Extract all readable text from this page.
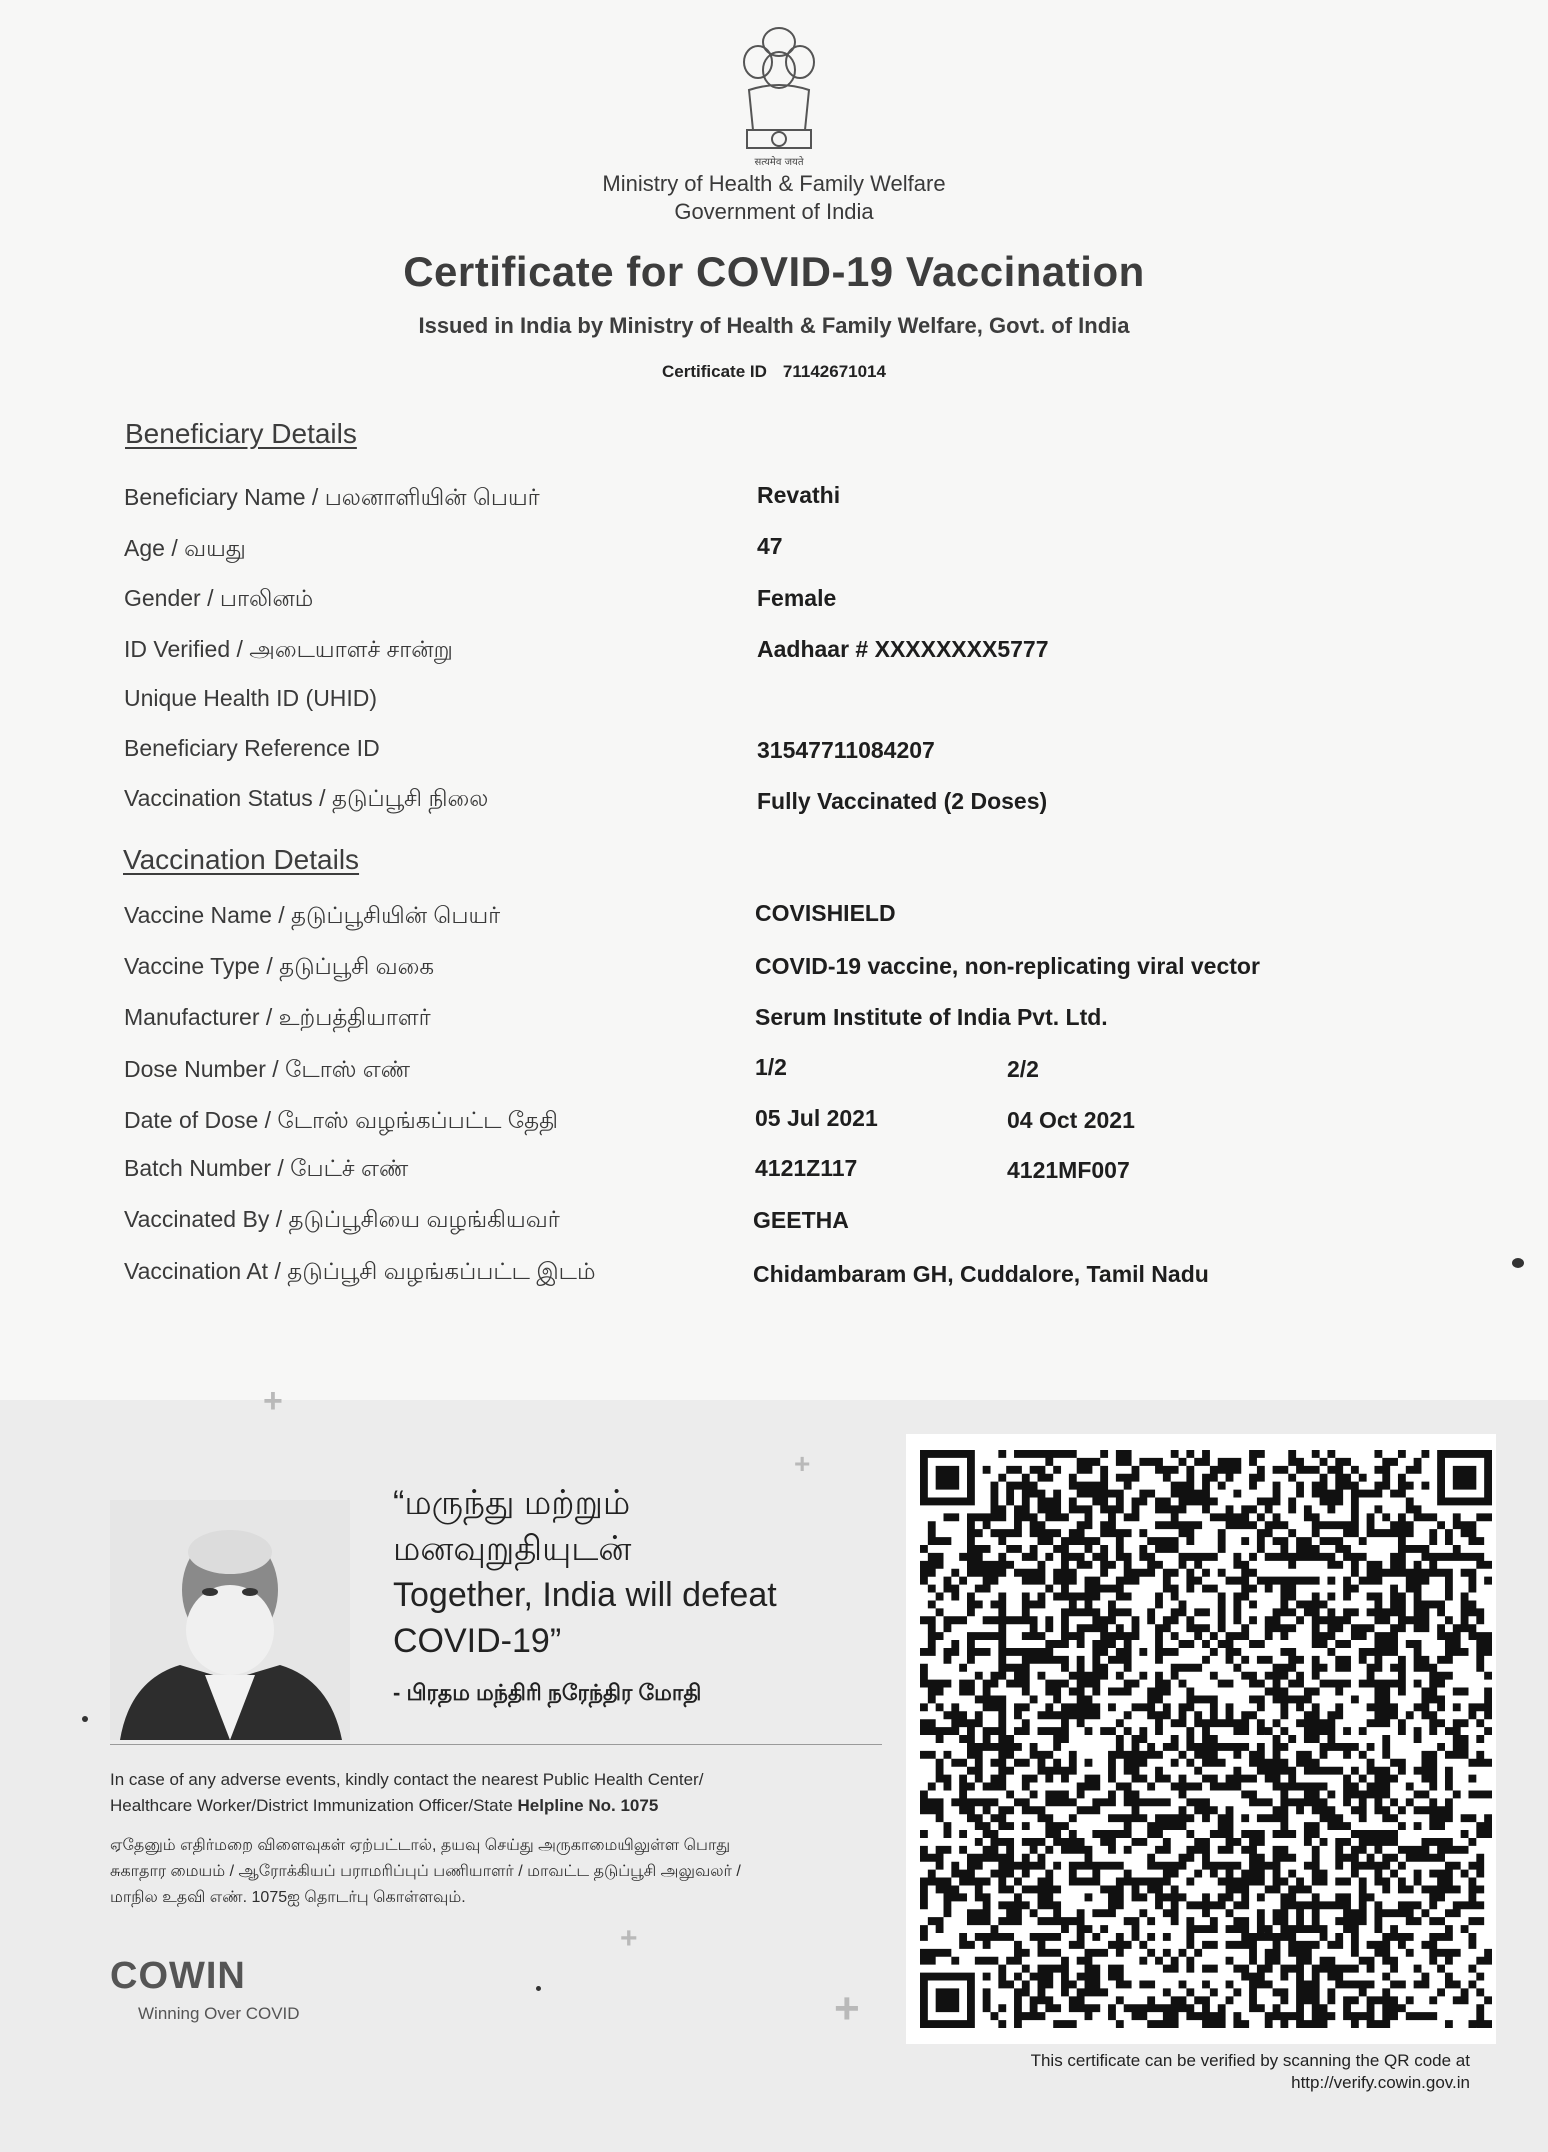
सत्यमेव जयते
Ministry of Health & Family Welfare
Government of India
Certificate for COVID-19 Vaccination
Issued in India by Ministry of Health & Family Welfare, Govt. of India
Certificate ID 71142671014
Beneficiary Details
Beneficiary Name / பலனாளியின் பெயர்	Revathi
Age / வயது	47
Gender / பாலினம்	Female
ID Verified / அடையாளச் சான்று	Aadhaar # XXXXXXXX5777
Unique Health ID (UHID)
Beneficiary Reference ID	31547711084207
Vaccination Status / தடுப்பூசி நிலை	Fully Vaccinated (2 Doses)
Vaccination Details
Vaccine Name / தடுப்பூசியின் பெயர்	COVISHIELD
Vaccine Type / தடுப்பூசி வகை	COVID-19 vaccine, non-replicating viral vector
Manufacturer / உற்பத்தியாளர்	Serum Institute of India Pvt. Ltd.
Dose Number / டோஸ் எண்	1/2	2/2
Date of Dose / டோஸ் வழங்கப்பட்ட தேதி	05 Jul 2021	04 Oct 2021
Batch Number / பேட்ச் எண்	4121Z117	4121MF007
Vaccinated By / தடுப்பூசியை வழங்கியவர்	GEETHA
Vaccination At / தடுப்பூசி வழங்கப்பட்ட இடம்	Chidambaram GH, Cuddalore, Tamil Nadu
+
+
+
+
“மருந்து மற்றும்
மனவுறுதியுடன்
Together, India will defeat
COVID-19”
- பிரதம மந்திரி நரேந்திர மோதி
In case of any adverse events, kindly contact the nearest Public Health Center/
Healthcare Worker/District Immunization Officer/State Helpline No. 1075
ஏதேனும் எதிர்மறை விளைவுகள் ஏற்பட்டால், தயவு செய்து அருகாமையிலுள்ள பொது
சுகாதார மையம் / ஆரோக்கியப் பராமரிப்புப் பணியாளர் / மாவட்ட தடுப்பூசி அலுவலர் /
மாநில உதவி எண். 1075ஐ தொடர்பு கொள்ளவும்.
COWIN
Winning Over COVID
This certificate can be verified by scanning the QR code at
http://verify.cowin.gov.in
